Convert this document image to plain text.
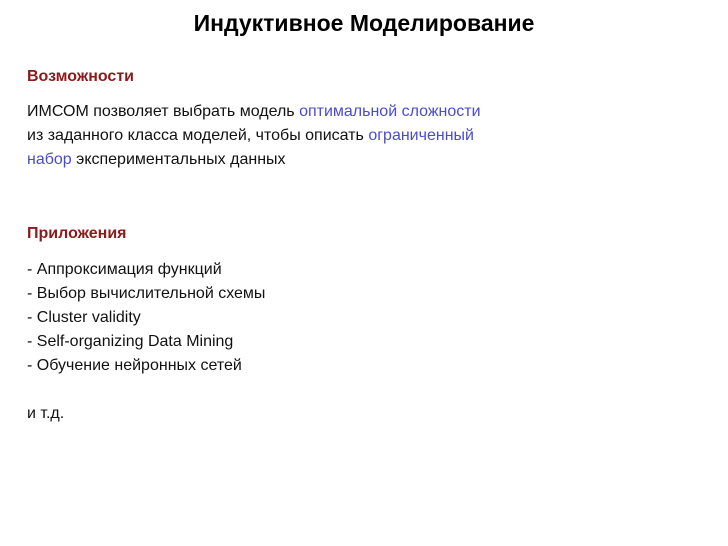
Индуктивное Моделирование
Возможности
ИМСОМ позволяет выбрать модель оптимальной сложности
из заданного класса моделей, чтобы описать ограниченный
набор экспериментальных данных
Приложения
- Аппроксимация функций
- Выбор вычислительной схемы
- Cluster validity
- Self-organizing Data Mining
- Обучение нейронных сетей
и т.д.
